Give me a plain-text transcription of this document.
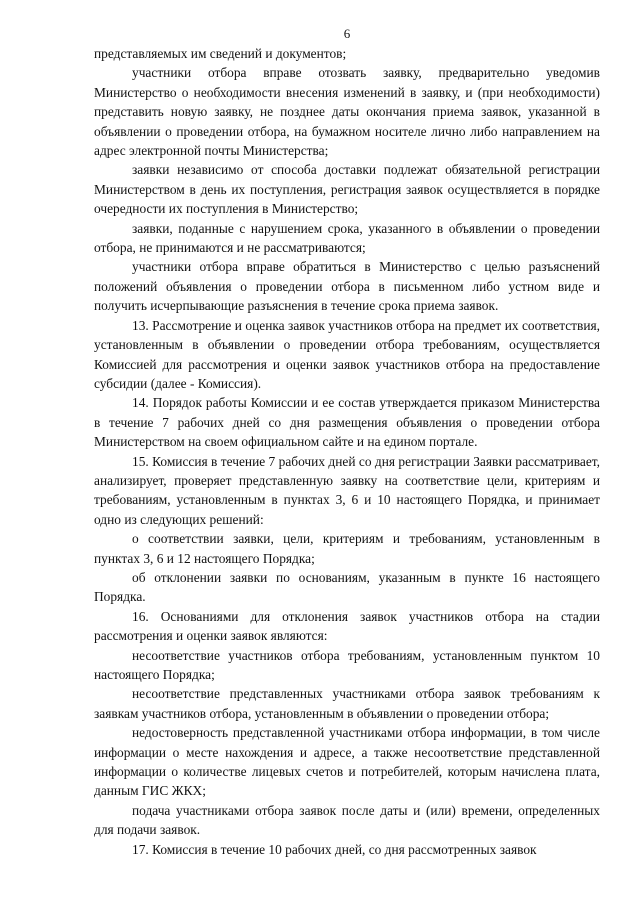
6

представляемых им сведений и документов;

участники отбора вправе отозвать заявку, предварительно уведомив Министерство о необходимости внесения изменений в заявку, и (при необходимости) представить новую заявку, не позднее даты окончания приема заявок, указанной в объявлении о проведении отбора, на бумажном носителе лично либо направлением на адрес электронной почты Министерства;

заявки независимо от способа доставки подлежат обязательной регистрации Министерством в день их поступления, регистрация заявок осуществляется в порядке очередности их поступления в Министерство;

заявки, поданные с нарушением срока, указанного в объявлении о проведении отбора, не принимаются и не рассматриваются;

участники отбора вправе обратиться в Министерство с целью разъяснений положений объявления о проведении отбора в письменном либо устном виде и получить исчерпывающие разъяснения в течение срока приема заявок.

13. Рассмотрение и оценка заявок участников отбора на предмет их соответствия, установленным в объявлении о проведении отбора требованиям, осуществляется Комиссией для рассмотрения и оценки заявок участников отбора на предоставление субсидии (далее - Комиссия).

14. Порядок работы Комиссии и ее состав утверждается приказом Министерства в течение 7 рабочих дней со дня размещения объявления о проведении отбора Министерством на своем официальном сайте и на едином портале.

15. Комиссия в течение 7 рабочих дней со дня регистрации Заявки рассматривает, анализирует, проверяет представленную заявку на соответствие цели, критериям и требованиям, установленным в пунктах 3, 6 и 10 настоящего Порядка, и принимает одно из следующих решений:

о соответствии заявки, цели, критериям и требованиям, установленным в пунктах 3, 6 и 12 настоящего Порядка;

об отклонении заявки по основаниям, указанным в пункте 16 настоящего Порядка.

16. Основаниями для отклонения заявок участников отбора на стадии рассмотрения и оценки заявок являются:

несоответствие участников отбора требованиям, установленным пунктом 10 настоящего Порядка;

несоответствие представленных участниками отбора заявок требованиям к заявкам участников отбора, установленным в объявлении о проведении отбора;

недостоверность представленной участниками отбора информации, в том числе информации о месте нахождения и адресе, а также несоответствие представленной информации о количестве лицевых счетов и потребителей, которым начислена плата, данным ГИС ЖКХ;

подача участниками отбора заявок после даты и (или) времени, определенных для подачи заявок.

17. Комиссия в течение 10 рабочих дней, со дня рассмотренных заявок
